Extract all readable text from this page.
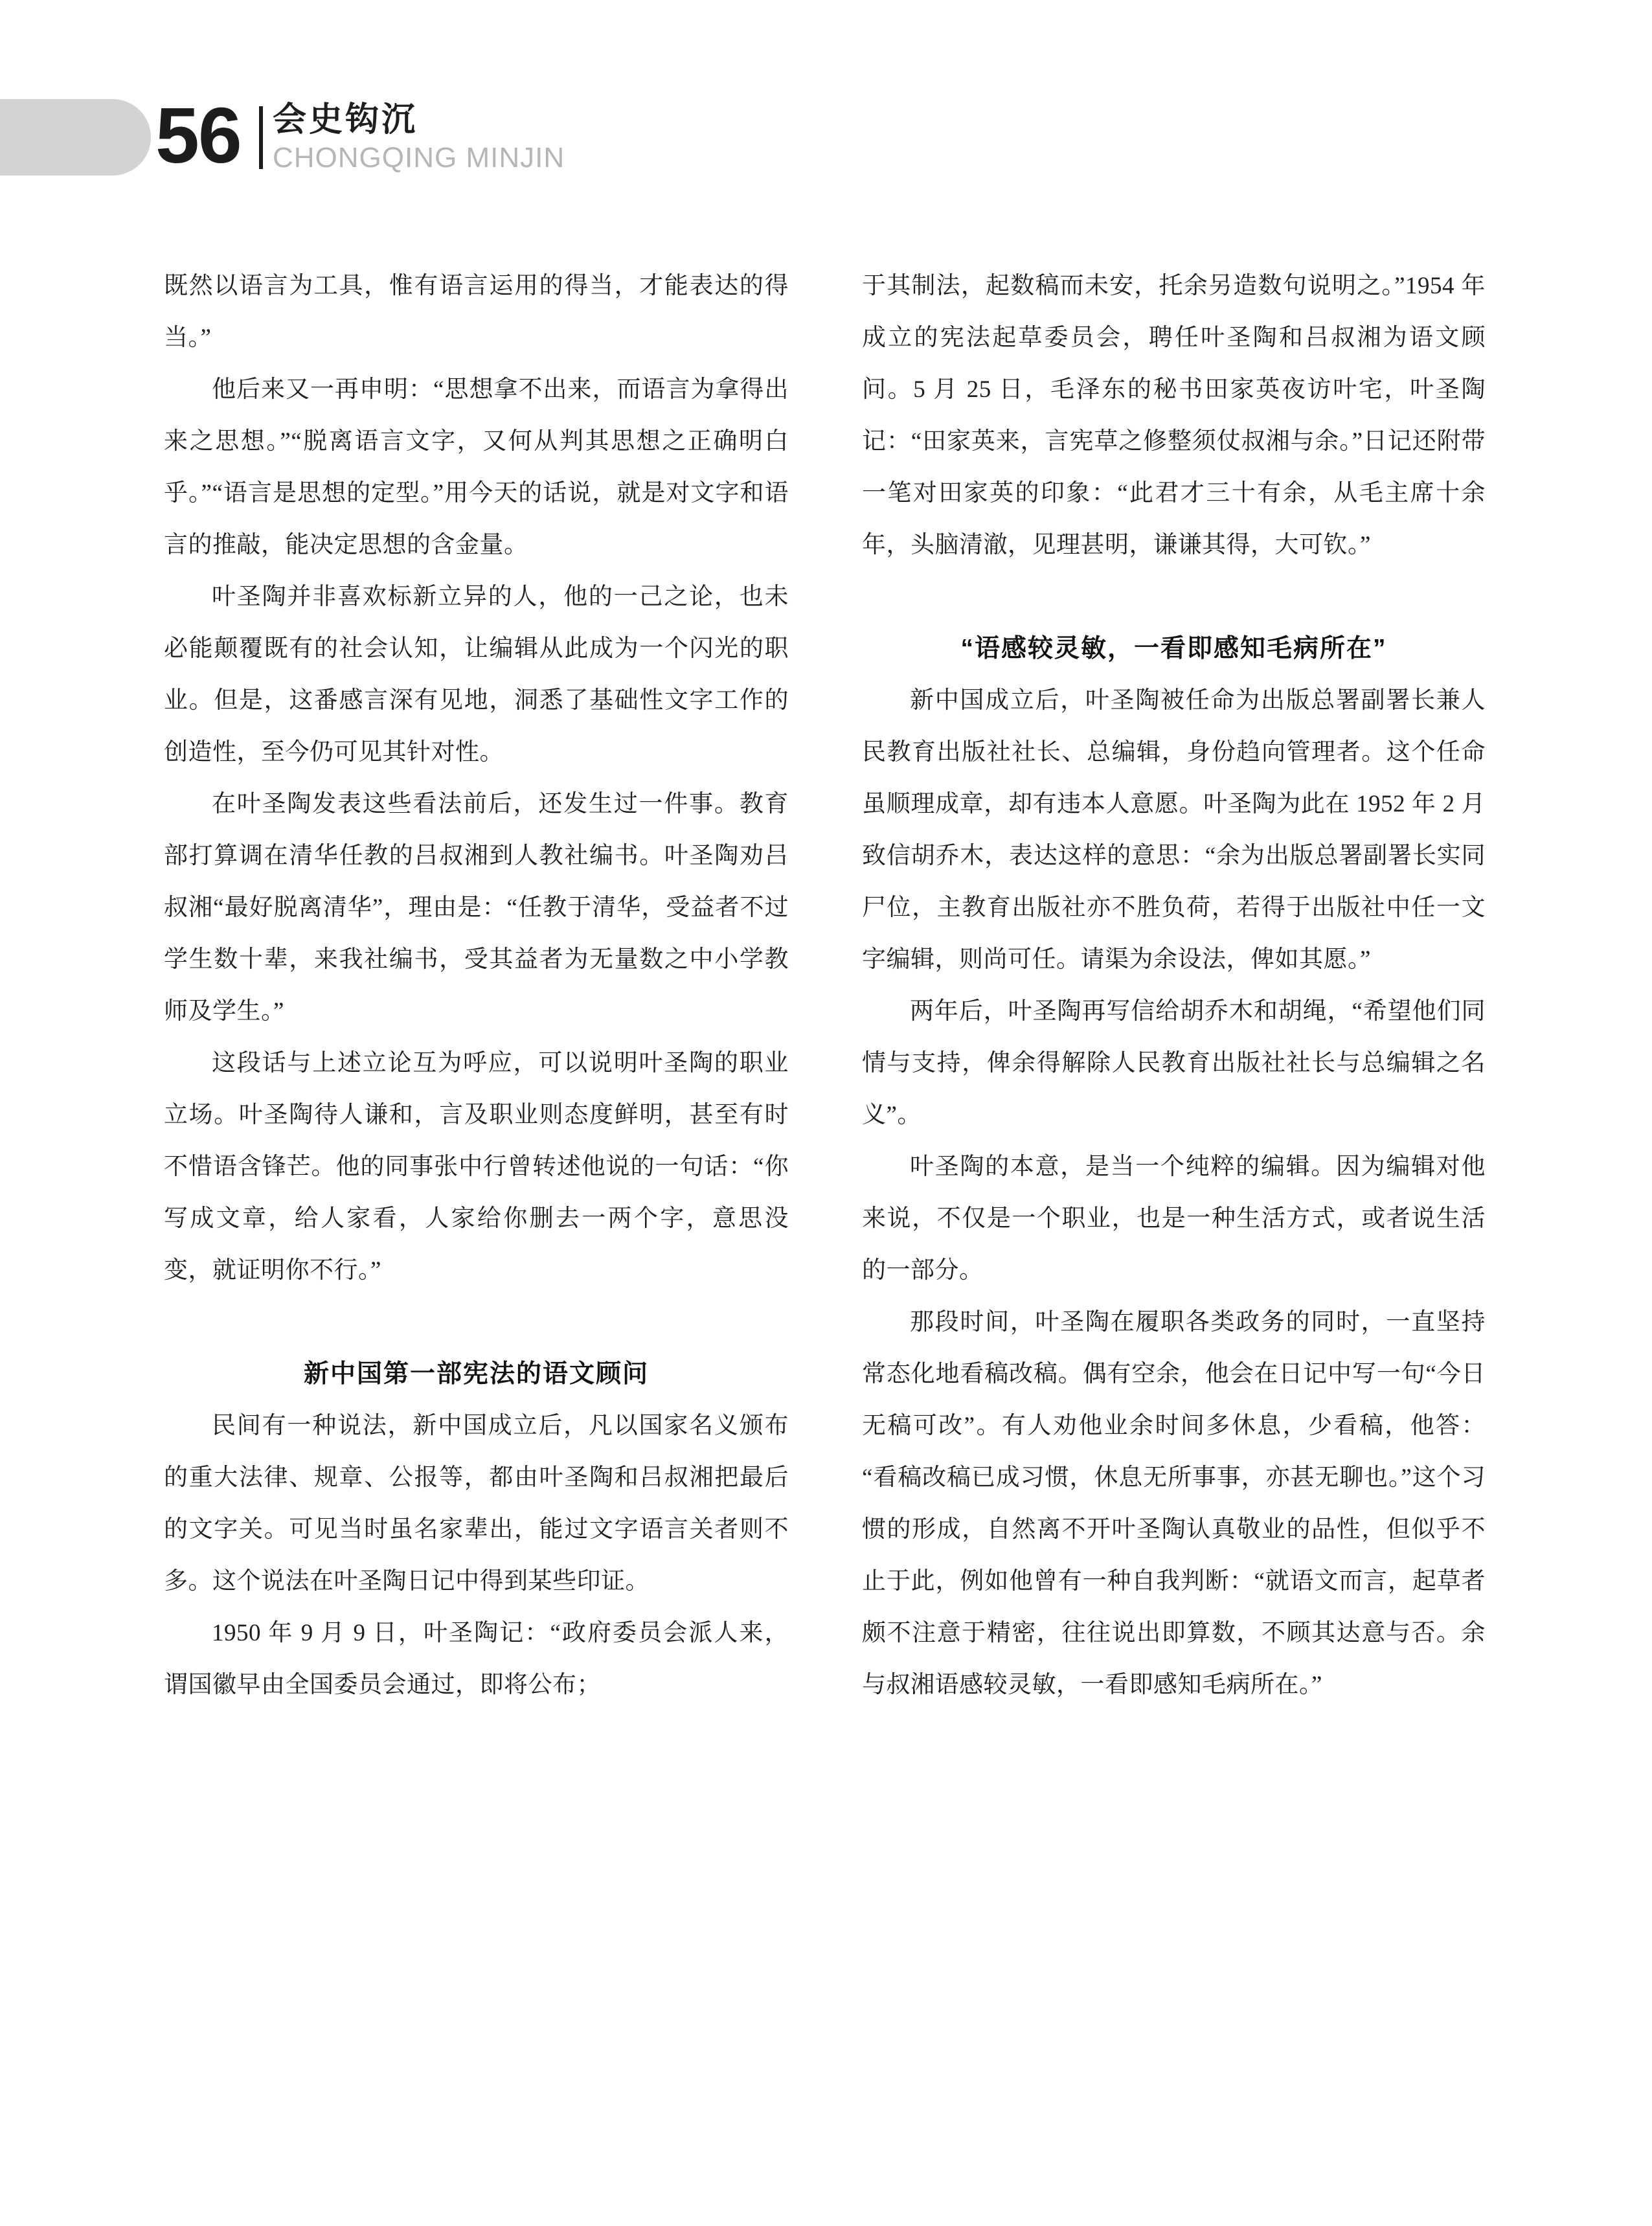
56 会史钩沉
CHONGQING MINJIN

既然以语言为工具，惟有语言运用的得当，才能表达的得当。”

他后来又一再申明：“思想拿不出来，而语言为拿得出来之思想。”“脱离语言文字，又何从判其思想之正确明白乎。”“语言是思想的定型。”用今天的话说，就是对文字和语言的推敲，能决定思想的含金量。

叶圣陶并非喜欢标新立异的人，他的一己之论，也未必能颠覆既有的社会认知，让编辑从此成为一个闪光的职业。但是，这番感言深有见地，洞悉了基础性文字工作的创造性，至今仍可见其针对性。

在叶圣陶发表这些看法前后，还发生过一件事。教育部打算调在清华任教的吕叔湘到人教社编书。叶圣陶劝吕叔湘“最好脱离清华”，理由是：“任教于清华，受益者不过学生数十辈，来我社编书，受其益者为无量数之中小学教师及学生。”

这段话与上述立论互为呼应，可以说明叶圣陶的职业立场。叶圣陶待人谦和，言及职业则态度鲜明，甚至有时不惜语含锋芒。他的同事张中行曾转述他说的一句话：“你写成文章，给人家看，人家给你删去一两个字，意思没变，就证明你不行。”

新中国第一部宪法的语文顾问

民间有一种说法，新中国成立后，凡以国家名义颁布的重大法律、规章、公报等，都由叶圣陶和吕叔湘把最后的文字关。可见当时虽名家辈出，能过文字语言关者则不多。这个说法在叶圣陶日记中得到某些印证。

1950 年 9 月 9 日，叶圣陶记：“政府委员会派人来，谓国徽早由全国委员会通过，即将公布；

于其制法，起数稿而未安，托余另造数句说明之。”1954 年成立的宪法起草委员会，聘任叶圣陶和吕叔湘为语文顾问。5 月 25 日，毛泽东的秘书田家英夜访叶宅，叶圣陶记：“田家英来，言宪草之修整须仗叔湘与余。”日记还附带一笔对田家英的印象：“此君才三十有余，从毛主席十余年，头脑清澈，见理甚明，谦谦其得，大可钦。”

“语感较灵敏，一看即感知毛病所在”

新中国成立后，叶圣陶被任命为出版总署副署长兼人民教育出版社社长、总编辑，身份趋向管理者。这个任命虽顺理成章，却有违本人意愿。叶圣陶为此在 1952 年 2 月致信胡乔木，表达这样的意思：“余为出版总署副署长实同尸位，主教育出版社亦不胜负荷，若得于出版社中任一文字编辑，则尚可任。请渠为余设法，俾如其愿。”

两年后，叶圣陶再写信给胡乔木和胡绳，“希望他们同情与支持，俾余得解除人民教育出版社社长与总编辑之名义”。

叶圣陶的本意，是当一个纯粹的编辑。因为编辑对他来说，不仅是一个职业，也是一种生活方式，或者说生活的一部分。

那段时间，叶圣陶在履职各类政务的同时，一直坚持常态化地看稿改稿。偶有空余，他会在日记中写一句“今日无稿可改”。有人劝他业余时间多休息，少看稿，他答：“看稿改稿已成习惯，休息无所事事，亦甚无聊也。”这个习惯的形成，自然离不开叶圣陶认真敬业的品性，但似乎不止于此，例如他曾有一种自我判断：“就语文而言，起草者颇不注意于精密，往往说出即算数，不顾其达意与否。余与叔湘语感较灵敏，一看即感知毛病所在。”
